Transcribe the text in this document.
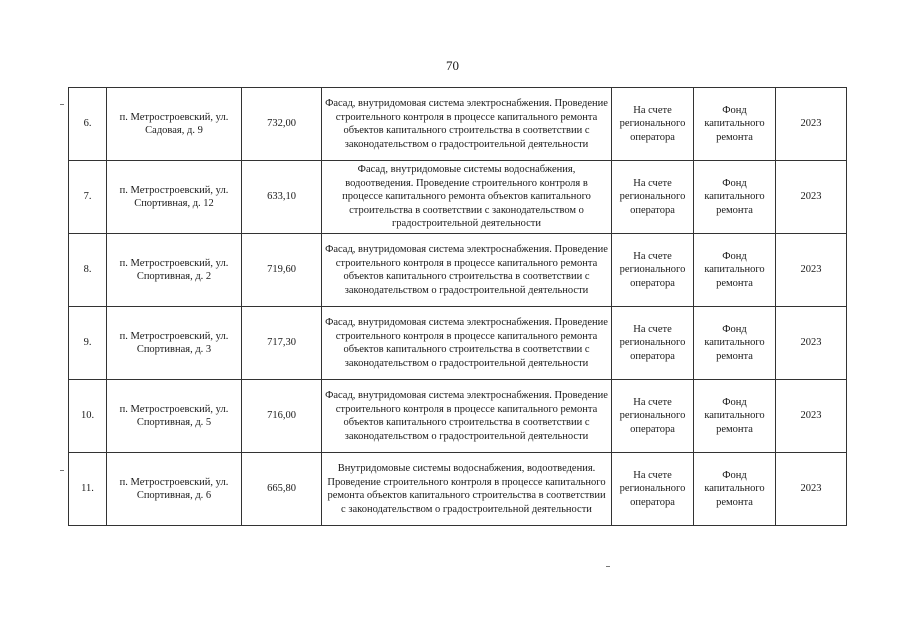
70
6.	п. Метростроевский, ул. Садовая, д. 9	732,00	Фасад, внутридомовая система электроснабжения. Проведение строительного контроля в процессе капитального ремонта объектов капитального строительства в соответствии с законодательством о градостроительной деятельности	На счете регионального оператора	Фонд капитального ремонта	2023
7.	п. Метростроевский, ул. Спортивная, д. 12	633,10	Фасад, внутридомовые системы водоснабжения, водоотведения. Проведение строительного контроля в процессе капитального ремонта объектов капитального строительства в соответствии с законодательством о градостроительной деятельности	На счете регионального оператора	Фонд капитального ремонта	2023
8.	п. Метростроевский, ул. Спортивная, д. 2	719,60	Фасад, внутридомовая система электроснабжения. Проведение строительного контроля в процессе капитального ремонта объектов капитального строительства в соответствии с законодательством о градостроительной деятельности	На счете регионального оператора	Фонд капитального ремонта	2023
9.	п. Метростроевский, ул. Спортивная, д. 3	717,30	Фасад, внутридомовая система электроснабжения. Проведение строительного контроля в процессе капитального ремонта объектов капитального строительства в соответствии с законодательством о градостроительной деятельности	На счете регионального оператора	Фонд капитального ремонта	2023
10.	п. Метростроевский, ул. Спортивная, д. 5	716,00	Фасад, внутридомовая система электроснабжения. Проведение строительного контроля в процессе капитального ремонта объектов капитального строительства в соответствии с законодательством о градостроительной деятельности	На счете регионального оператора	Фонд капитального ремонта	2023
11.	п. Метростроевский, ул. Спортивная, д. 6	665,80	Внутридомовые системы водоснабжения, водоотведения. Проведение строительного контроля в процессе капитального ремонта объектов капитального строительства в соответствии с законодательством о градостроительной деятельности	На счете регионального оператора	Фонд капитального ремонта	2023
